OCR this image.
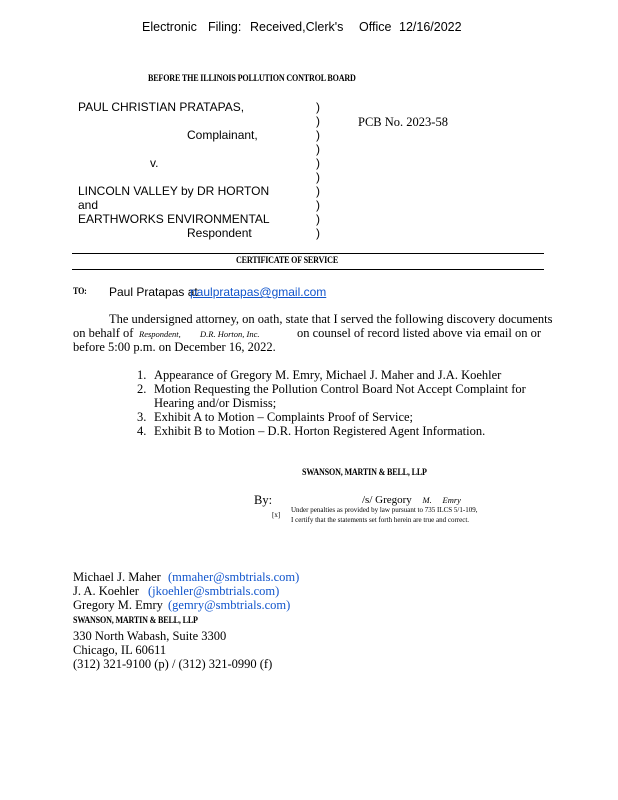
Electronic Filing: Received,Clerk's Office 12/16/2022
BEFORE THE ILLINOIS POLLUTION CONTROL BOARD
PAUL CHRISTIAN PRATAPAS,
Complainant,
v.
LINCOLN VALLEY by DR HORTON
and
EARTHWORKS ENVIRONMENTAL
Respondent
)
)
)
)
)
)
)
)
)
)
PCB No. 2023-58
CERTIFICATE OF SERVICE
TO: Paul Pratapas at
paulpratapas@gmail.com
The undersigned attorney, on oath, state that I served the following discovery documents
on behalf of Respondent, D.R. Horton, Inc.	on counsel of record listed above via email on or
before 5:00 p.m. on December 16, 2022.
1. Appearance of Gregory M. Emry, Michael J. Maher and J.A. Koehler
2. Motion Requesting the Pollution Control Board Not Accept Complaint for
Hearing and/or Dismiss;
3. Exhibit A to Motion – Complaints Proof of Service;
4. Exhibit B to Motion – D.R. Horton Registered Agent Information.
SWANSON, MARTIN & BELL, LLP
By:	/s/ Gregory M. Emry
[x]
Under penalties as provided by law pursuant to 735 ILCS 5/1-109,
I certify that the statements set forth herein are true and correct.
Michael J. Maher (mmaher@smbtrials.com)
J. A. Koehler (jkoehler@smbtrials.com)
Gregory M. Emry (gemry@smbtrials.com)
SWANSON, MARTIN & BELL, LLP
330 North Wabash, Suite 3300
Chicago, IL 60611
(312) 321-9100 (p) / (312) 321-0990 (f)
